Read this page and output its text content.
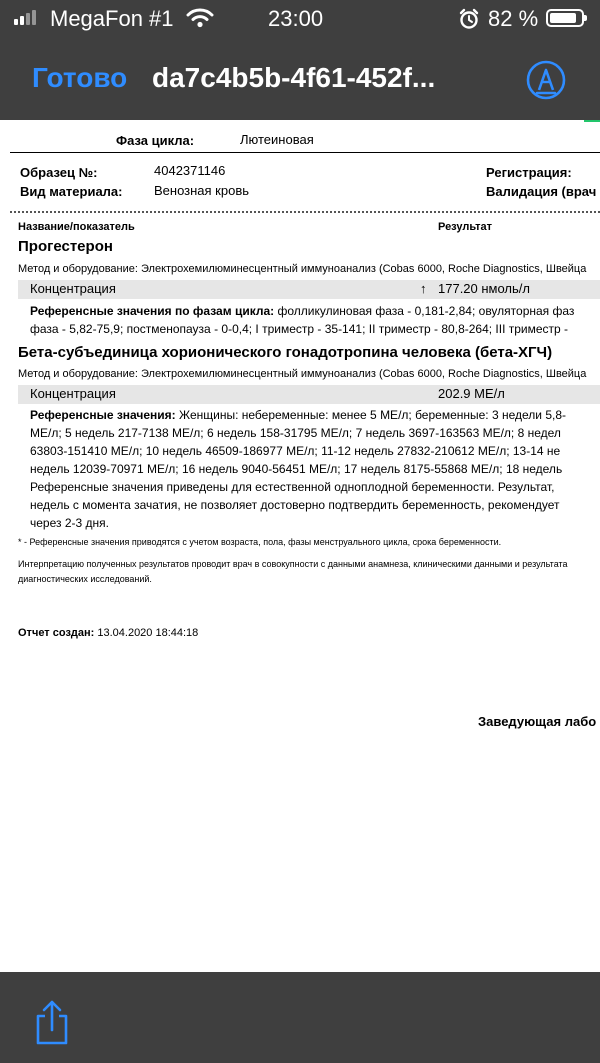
MegaFon #1	23:00	82 %
Готово da7c4b5b-4f61-452f...
Фаза цикла:	Лютеиновая
Образец №:	4042371146	Регистрация:
Вид материала: Венозная кровь	Валидация (врач
Название/показатель	Результат
Прогестерон
Метод и оборудование: Электрохемилюминесцентный иммуноанализ (Cobas 6000, Roche Diagnostics, Швейца
Концентрация	↑ 177.20 нмоль/л
Референсные значения по фазам цикла: фолликулиновая фаза - 0,181-2,84; овуляторная фаз
фаза - 5,82-75,9; постменопауза - 0-0,4; I триместр - 35-141; II триместр - 80,8-264; III триместр -
Бета-субъединица хорионического гонадотропина человека (бета-ХГЧ)
Метод и оборудование: Электрохемилюминесцентный иммуноанализ (Cobas 6000, Roche Diagnostics, Швейца
Концентрация	202.9 МЕ/л
Референсные значения: Женщины: небеременные: менее 5 МЕ/л; беременные: 3 недели 5,8-
МЕ/л; 5 недель 217-7138 МЕ/л; 6 недель 158-31795 МЕ/л; 7 недель 3697-163563 МЕ/л; 8 недел
63803-151410 МЕ/л; 10 недель 46509-186977 МЕ/л; 11-12 недель 27832-210612 МЕ/л; 13-14 не
недель 12039-70971 МЕ/л; 16 недель 9040-56451 МЕ/л; 17 недель 8175-55868 МЕ/л; 18 недель
Референсные значения приведены для естественной одноплодной беременности. Результат,
недель с момента зачатия, не позволяет достоверно подтвердить беременность, рекомендует
через 2-3 дня.
* - Референсные значения приводятся с учетом возраста, пола, фазы менструального цикла, срока беременности.
Интерпретацию полученных результатов проводит врач в совокупности с данными анамнеза, клиническими данными и результата
диагностических исследований.
Отчет создан: 13.04.2020 18:44:18
Заведующая лабо
